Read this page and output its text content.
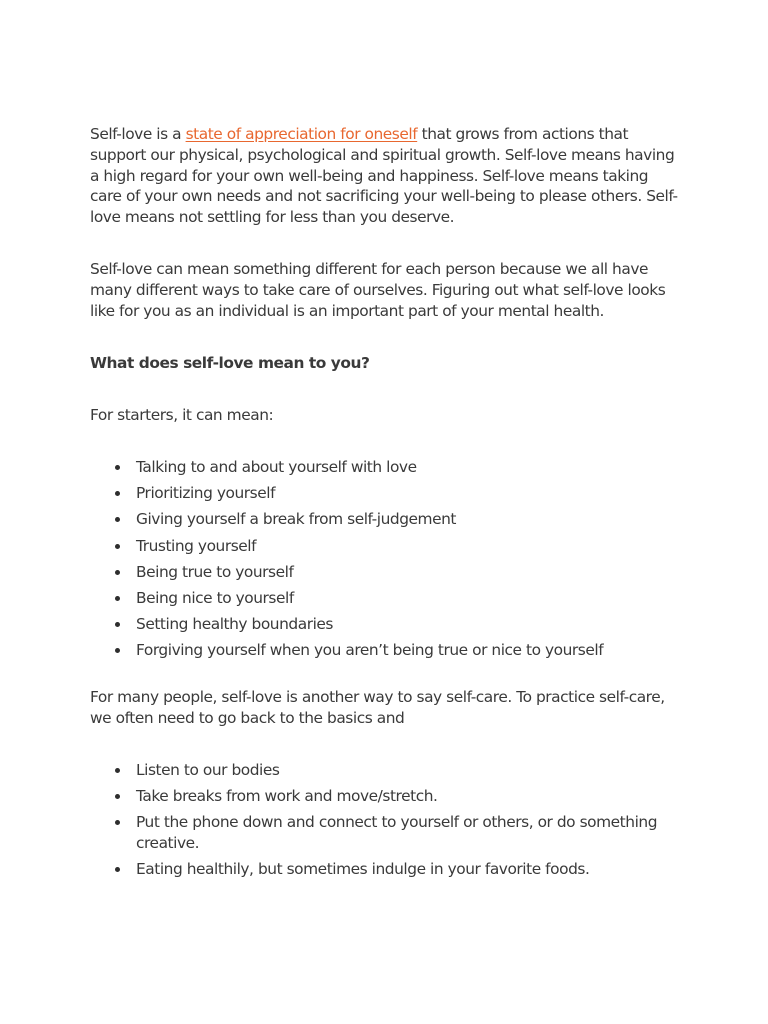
Self-love is a state of appreciation for oneself that grows from actions that support our physical, psychological and spiritual growth. Self-love means having a high regard for your own well-being and happiness. Self-love means taking care of your own needs and not sacrificing your well-being to please others. Self-love means not settling for less than you deserve.

Self-love can mean something different for each person because we all have many different ways to take care of ourselves. Figuring out what self-love looks like for you as an individual is an important part of your mental health.

What does self-love mean to you?

For starters, it can mean:

Talking to and about yourself with love
Prioritizing yourself
Giving yourself a break from self-judgement
Trusting yourself
Being true to yourself
Being nice to yourself
Setting healthy boundaries
Forgiving yourself when you aren’t being true or nice to yourself

For many people, self-love is another way to say self-care. To practice self-care, we often need to go back to the basics and

Listen to our bodies
Take breaks from work and move/stretch.
Put the phone down and connect to yourself or others, or do something creative.
Eating healthily, but sometimes indulge in your favorite foods.
